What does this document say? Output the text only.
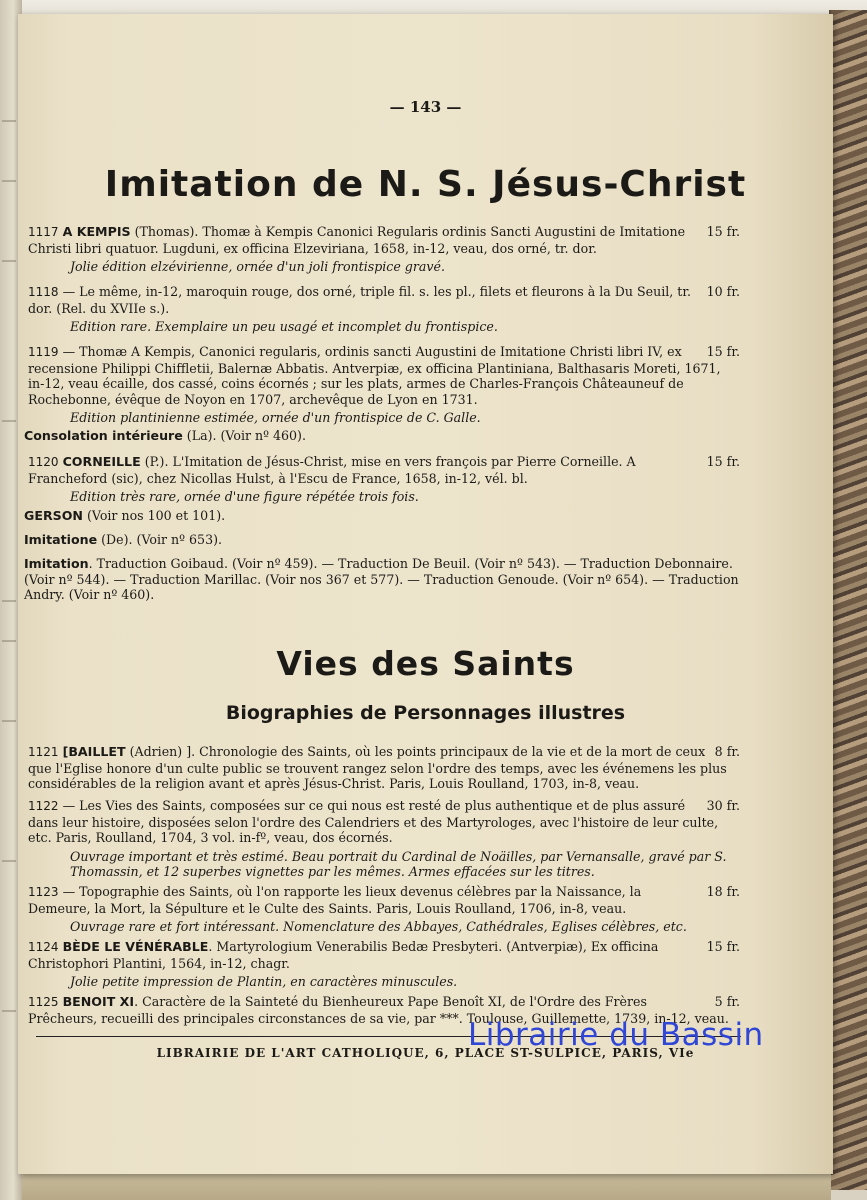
— 143 —
Imitation de N. S. Jésus-Christ
15 fr.
1117 A KEMPIS (Thomas). Thomæ à Kempis Canonici Regularis ordinis Sancti Augustini de Imitatione Christi libri quatuor. Lugduni, ex officina Elzeviriana, 1658, in-12, veau, dos orné, tr. dor.
Jolie édition elzévirienne, ornée d'un joli frontispice gravé.
10 fr.
1118 — Le même, in-12, maroquin rouge, dos orné, triple fil. s. les pl., filets et fleurons à la Du Seuil, tr. dor. (Rel. du XVIIe s.).
Edition rare. Exemplaire un peu usagé et incomplet du frontispice.
15 fr.
1119 — Thomæ A Kempis, Canonici regularis, ordinis sancti Augustini de Imitatione Christi libri IV, ex recensione Philippi Chiffletii, Balernæ Abbatis. Antverpiæ, ex officina Plantiniana, Balthasaris Moreti, 1671, in-12, veau écaille, dos cassé, coins écornés ; sur les plats, armes de Charles-François Châteauneuf de Rochebonne, évêque de Noyon en 1707, archevêque de Lyon en 1731.
Edition plantinienne estimée, ornée d'un frontispice de C. Galle.
Consolation intérieure (La). (Voir nº 460).
15 fr.
1120 CORNEILLE (P.). L'Imitation de Jésus-Christ, mise en vers françois par Pierre Corneille. A Francheford (sic), chez Nicollas Hulst, à l'Escu de France, 1658, in-12, vél. bl.
Edition très rare, ornée d'une figure répétée trois fois.
GERSON (Voir nos 100 et 101).
Imitatione (De). (Voir nº 653).
Imitation. Traduction Goibaud. (Voir nº 459). — Traduction De Beuil. (Voir nº 543). — Traduction Debonnaire. (Voir nº 544). — Traduction Marillac. (Voir nos 367 et 577). — Traduction Genoude. (Voir nº 654). — Traduction Andry. (Voir nº 460).
Vies des Saints
Biographies de Personnages illustres
8 fr.
1121 [BAILLET (Adrien) ]. Chronologie des Saints, où les points principaux de la vie et de la mort de ceux que l'Eglise honore d'un culte public se trouvent rangez selon l'ordre des temps, avec les événemens les plus considérables de la religion avant et après Jésus-Christ. Paris, Louis Roulland, 1703, in-8, veau.
30 fr.
1122 — Les Vies des Saints, composées sur ce qui nous est resté de plus authentique et de plus assuré dans leur histoire, disposées selon l'ordre des Calendriers et des Martyrologes, avec l'histoire de leur culte, etc. Paris, Roulland, 1704, 3 vol. in-fº, veau, dos écornés.
Ouvrage important et très estimé. Beau portrait du Cardinal de Noäilles, par Vernansalle, gravé par S. Thomassin, et 12 superbes vignettes par les mêmes. Armes effacées sur les titres.
18 fr.
1123 — Topographie des Saints, où l'on rapporte les lieux devenus célèbres par la Naissance, la Demeure, la Mort, la Sépulture et le Culte des Saints. Paris, Louis Roulland, 1706, in-8, veau.
Ouvrage rare et fort intéressant. Nomenclature des Abbayes, Cathédrales, Eglises célèbres, etc.
15 fr.
1124 BÈDE LE VÉNÉRABLE. Martyrologium Venerabilis Bedæ Presbyteri. (Antverpiæ), Ex officina Christophori Plantini, 1564, in-12, chagr.
Jolie petite impression de Plantin, en caractères minuscules.
5 fr.
1125 BENOIT XI. Caractère de la Sainteté du Bienheureux Pape Benoît XI, de l'Ordre des Frères Prêcheurs, recueilli des principales circonstances de sa vie, par ***. Toulouse, Guillemette, 1739, in-12, veau.
LIBRAIRIE DE L'ART CATHOLIQUE, 6, PLACE ST-SULPICE, PARIS, VIe
Librairie du Bassin
